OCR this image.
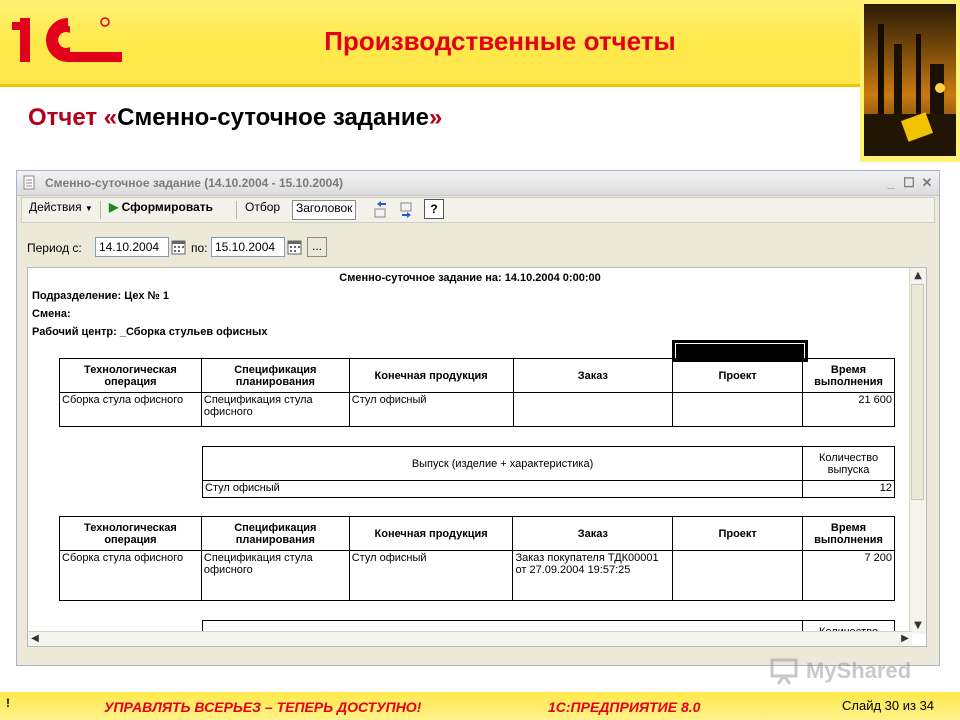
Производственные отчеты
Отчет «Сменно-суточное задание»
Сменно-суточное задание (14.10.2004 - 15.10.2004)	_ ☐ ✕
Действия ▼ ▶ Сформировать	Отбор	Заголовок	?
Период с:	14.10.2004	по: 15.10.2004	...
Сменно-суточное задание на: 14.10.2004 0:00:00
Подразделение: Цех № 1
Смена:
Рабочий центр: _Сборка стульев офисных
Технологическая операция	Спецификация планирования	Конечная продукция	Заказ	Проект	Время выполнения
Сборка стула офисного	Спецификация стула офисного	Стул офисный			21 600
Выпуск (изделие + характеристика)	Количество выпуска
Стул офисный	12
Технологическая операция	Спецификация планирования	Конечная продукция	Заказ	Проект	Время выполнения
Сборка стула офисного	Спецификация стула офисного	Стул офисный	Заказ покупателя ТДК00001 от 27.09.2004 19:57:25		7 200

▲
▼
◀	▶
MyShared
!	УПРАВЛЯТЬ ВСЕРЬЕЗ – ТЕПЕРЬ ДОСТУПНО!	1С:ПРЕДПРИЯТИЕ 8.0	Слайд 30 из 34
